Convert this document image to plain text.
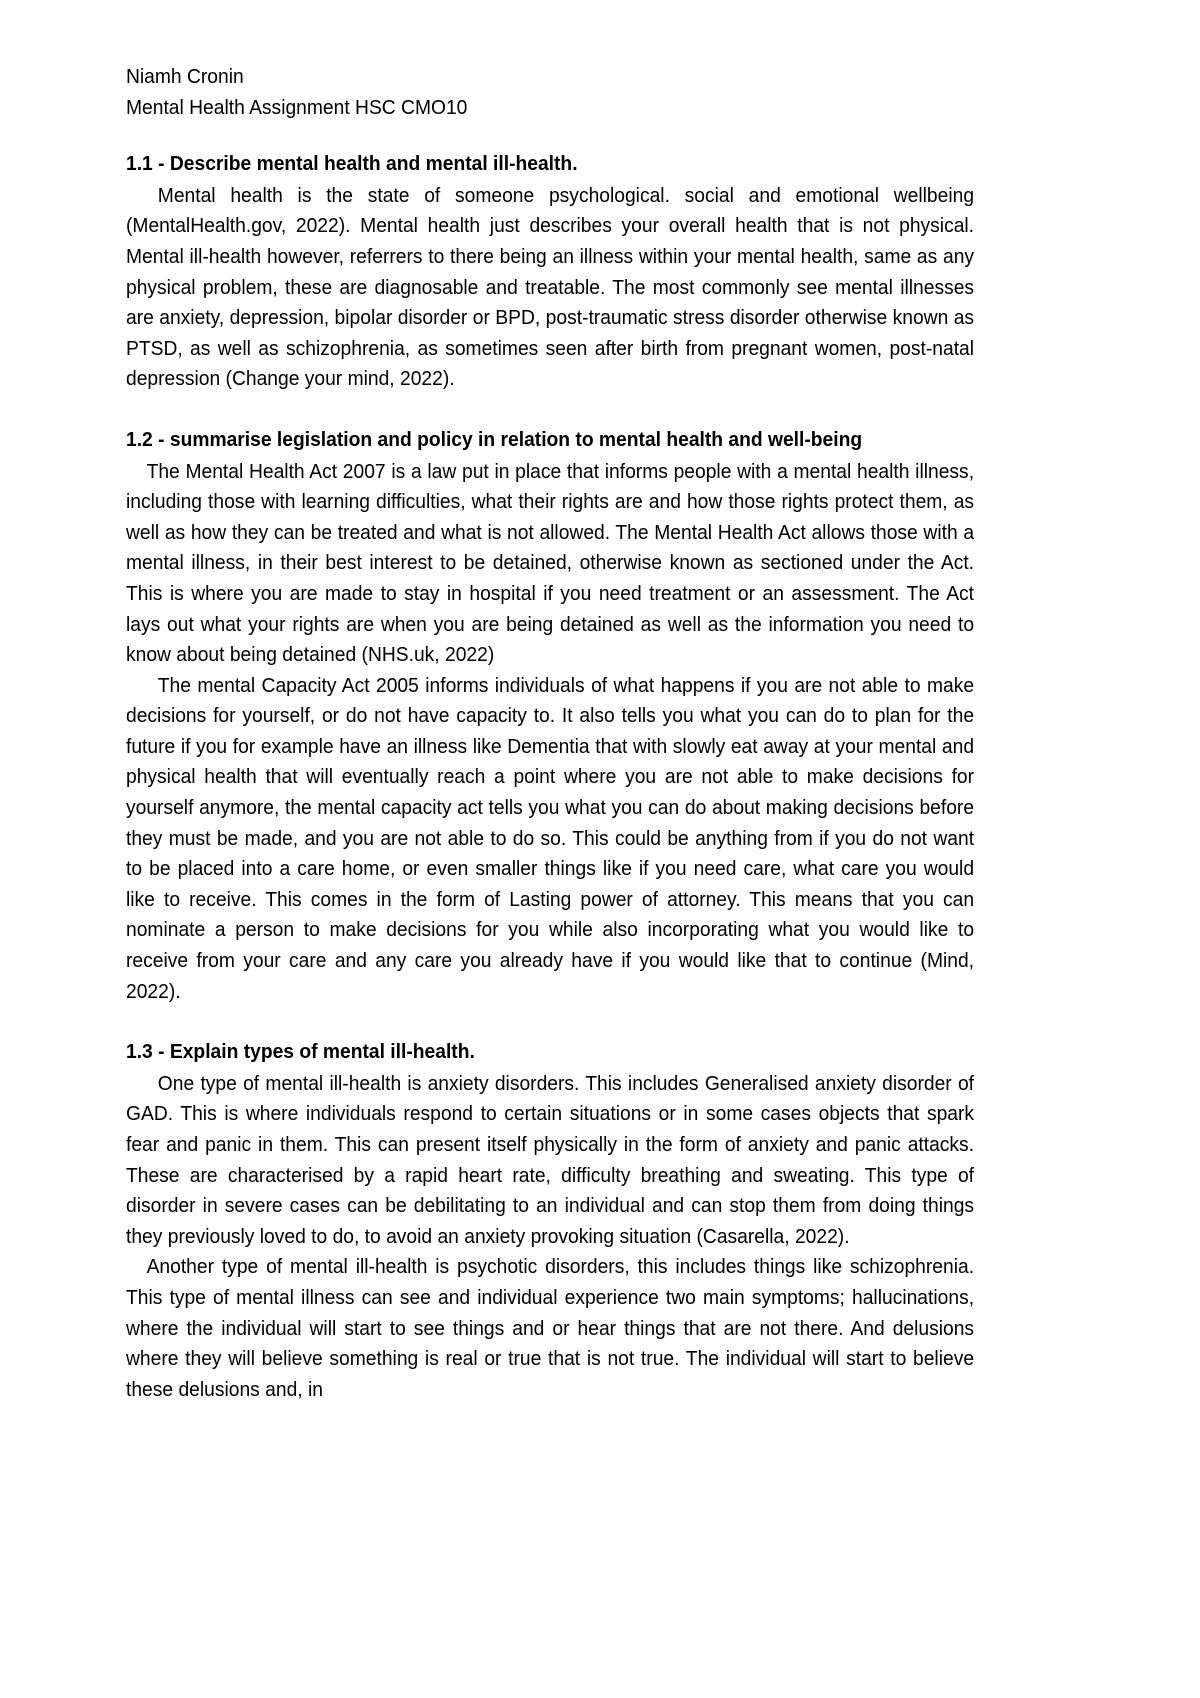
Niamh Cronin
Mental Health Assignment HSC CMO10
1.1 - Describe mental health and mental ill-health.

Mental health is the state of someone psychological. social and emotional wellbeing (MentalHealth.gov, 2022). Mental health just describes your overall health that is not physical. Mental ill-health however, referrers to there being an illness within your mental health, same as any physical problem, these are diagnosable and treatable. The most commonly see mental illnesses are anxiety, depression, bipolar disorder or BPD, post-traumatic stress disorder otherwise known as PTSD, as well as schizophrenia, as sometimes seen after birth from pregnant women, post-natal depression (Change your mind, 2022).

1.2 - summarise legislation and policy in relation to mental health and well-being

The Mental Health Act 2007 is a law put in place that informs people with a mental health illness, including those with learning difficulties, what their rights are and how those rights protect them, as well as how they can be treated and what is not allowed. The Mental Health Act allows those with a mental illness, in their best interest to be detained, otherwise known as sectioned under the Act. This is where you are made to stay in hospital if you need treatment or an assessment. The Act lays out what your rights are when you are being detained as well as the information you need to know about being detained (NHS.uk, 2022)

The mental Capacity Act 2005 informs individuals of what happens if you are not able to make decisions for yourself, or do not have capacity to. It also tells you what you can do to plan for the future if you for example have an illness like Dementia that with slowly eat away at your mental and physical health that will eventually reach a point where you are not able to make decisions for yourself anymore, the mental capacity act tells you what you can do about making decisions before they must be made, and you are not able to do so. This could be anything from if you do not want to be placed into a care home, or even smaller things like if you need care, what care you would like to receive. This comes in the form of Lasting power of attorney. This means that you can nominate a person to make decisions for you while also incorporating what you would like to receive from your care and any care you already have if you would like that to continue (Mind, 2022).

1.3 - Explain types of mental ill-health.

One type of mental ill-health is anxiety disorders. This includes Generalised anxiety disorder of GAD. This is where individuals respond to certain situations or in some cases objects that spark fear and panic in them. This can present itself physically in the form of anxiety and panic attacks. These are characterised by a rapid heart rate, difficulty breathing and sweating. This type of disorder in severe cases can be debilitating to an individual and can stop them from doing things they previously loved to do, to avoid an anxiety provoking situation (Casarella, 2022).

Another type of mental ill-health is psychotic disorders, this includes things like schizophrenia. This type of mental illness can see and individual experience two main symptoms; hallucinations, where the individual will start to see things and or hear things that are not there. And delusions where they will believe something is real or true that is not true. The individual will start to believe these delusions and, in
